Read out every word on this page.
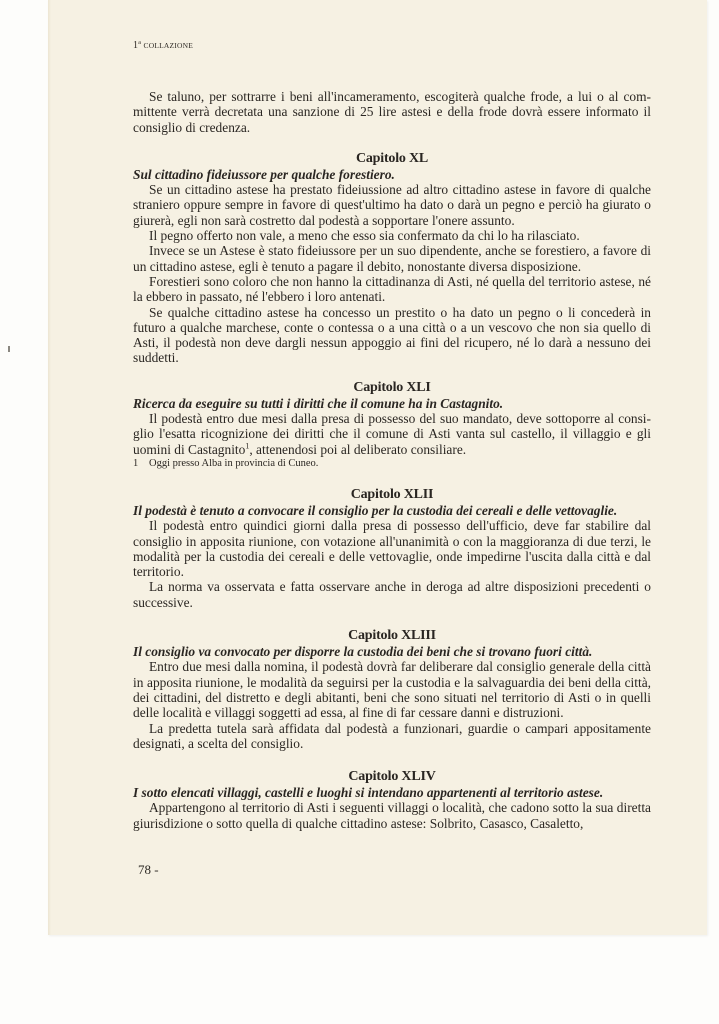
1$^a$ COLLAZIONE

Se taluno, per sottrarre i beni all'incameramento, escogiterà qualche frode, a lui o al com-mittente verrà decretata una sanzione di 25 lire astesi e della frode dovrà essere informato il consiglio di credenza.

Capitolo XL
Sul cittadino fideiussore per qualche forestiero.

Se un cittadino astese ha prestato fideiussione ad altro cittadino astese in favore di qualche straniero oppure sempre in favore di quest'ultimo ha dato o darà un pegno e perciò ha giurato o giurerà, egli non sarà costretto dal podestà a sopportare l'onere assunto.

Il pegno offerto non vale, a meno che esso sia confermato da chi lo ha rilasciato.

Invece se un Astese è stato fideiussore per un suo dipendente, anche se forestiero, a favore di un cittadino astese, egli è tenuto a pagare il debito, nonostante diversa disposizione.

Forestieri sono coloro che non hanno la cittadinanza di Asti, né quella del territorio astese, né la ebbero in passato, né l'ebbero i loro antenati.

Se qualche cittadino astese ha concesso un prestito o ha dato un pegno o li concederà in futuro a qualche marchese, conte o contessa o a una città o a un vescovo che non sia quello di Asti, il podestà non deve dargli nessun appoggio ai fini del ricupero, né lo darà a nessuno dei suddetti.

Capitolo XLI
Ricerca da eseguire su tutti i diritti che il comune ha in Castagnito.

Il podestà entro due mesi dalla presa di possesso del suo mandato, deve sottoporre al consi-glio l'esatta ricognizione dei diritti che il comune di Asti vanta sul castello, il villaggio e gli uomini di Castagnito$^1$, attenendosi poi al deliberato consiliare.

1 Oggi presso Alba in provincia di Cuneo.

Capitolo XLII
Il podestà è tenuto a convocare il consiglio per la custodia dei cereali e delle vettovaglie.

Il podestà entro quindici giorni dalla presa di possesso dell'ufficio, deve far stabilire dal consiglio in apposita riunione, con votazione all'unanimità o con la maggioranza di due terzi, le modalità per la custodia dei cereali e delle vettovaglie, onde impedirne l'uscita dalla città e dal territorio.

La norma va osservata e fatta osservare anche in deroga ad altre disposizioni precedenti o successive.

Capitolo XLIII
Il consiglio va convocato per disporre la custodia dei beni che si trovano fuori città.

Entro due mesi dalla nomina, il podestà dovrà far deliberare dal consiglio generale della città in apposita riunione, le modalità da seguirsi per la custodia e la salvaguardia dei beni della città, dei cittadini, del distretto e degli abitanti, beni che sono situati nel territorio di Asti o in quelli delle località e villaggi soggetti ad essa, al fine di far cessare danni e distruzioni.

La predetta tutela sarà affidata dal podestà a funzionari, guardie o campari appositamente designati, a scelta del consiglio.

Capitolo XLIV
I sotto elencati villaggi, castelli e luoghi si intendano appartenenti al territorio astese.

Appartengono al territorio di Asti i seguenti villaggi o località, che cadono sotto la sua diretta giurisdizione o sotto quella di qualche cittadino astese: Solbrito, Casasco, Casaletto,

78 -
